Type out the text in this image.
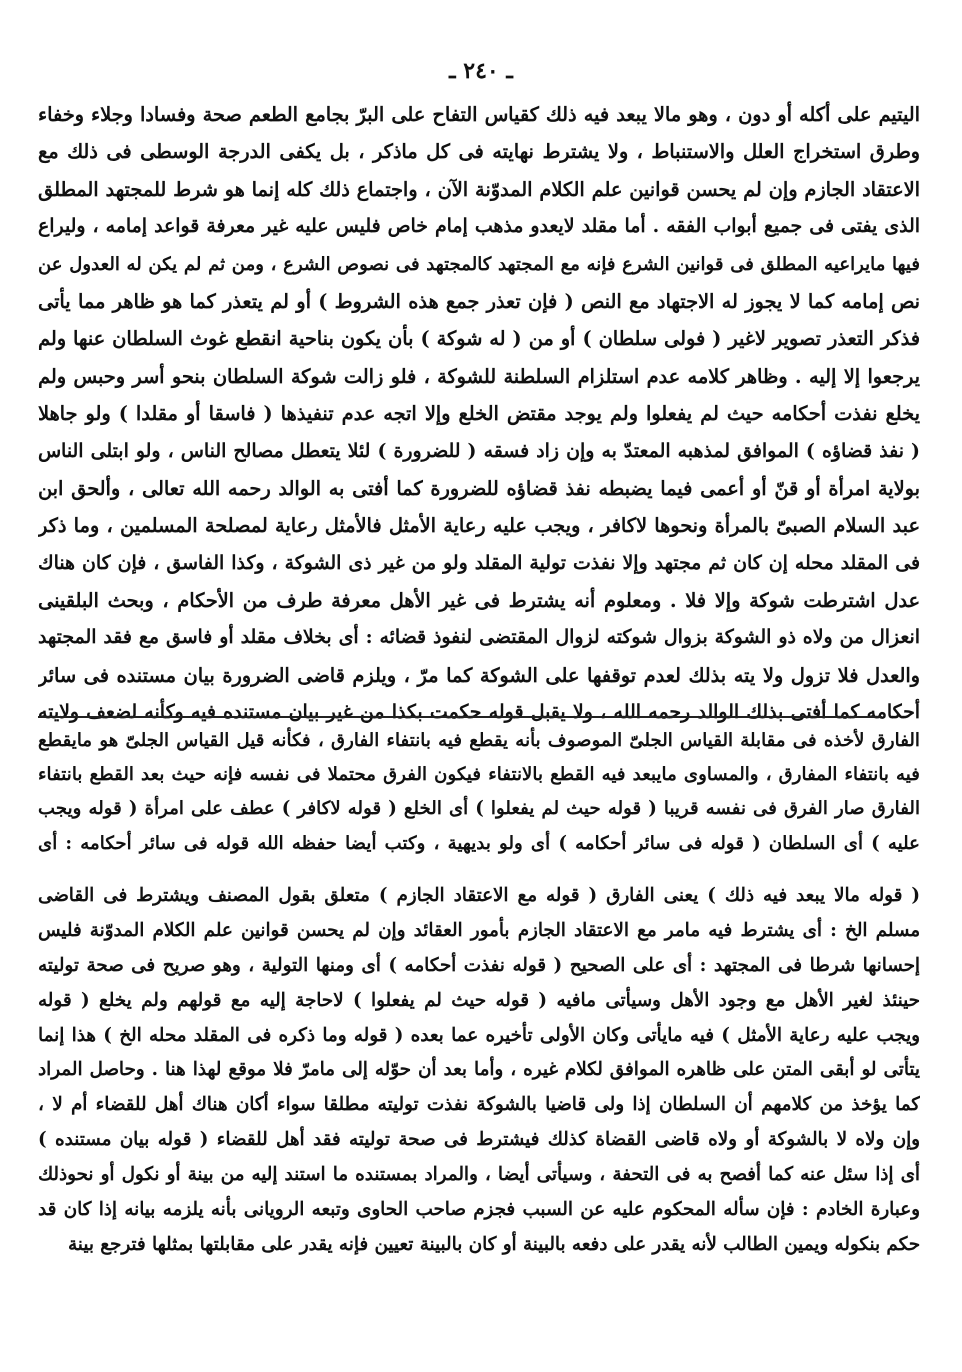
ـ ٢٤٠ ـ
اليتيم على أكله أو دون ، وهو مالا يبعد فيه ذلك كقياس التفاح على البرّ بجامع الطعم صحة وفسادا وجلاء وخفاء
وطرق استخراج العلل والاستنباط ، ولا يشترط نهايته فى كل ماذكر ، بل يكفى الدرجة الوسطى فى ذلك مع
الاعتقاد الجازم وإن لم يحسن قوانين علم الكلام المدوّنة الآن ، واجتماع ذلك كله إنما هو شرط للمجتهد المطلق
الذى يفتى فى جميع أبواب الفقه . أما مقلد لايعدو مذهب إمام خاص فليس عليه غير معرفة قواعد إمامه ، وليراع
فيها مايراعيه المطلق فى قوانين الشرع فإنه مع المجتهد كالمجتهد فى نصوص الشرع ، ومن ثم لم يكن له العدول عن
نص إمامه كما لا يجوز له الاجتهاد مع النص ( فإن تعذر جمع هذه الشروط ) أو لم يتعذر كما هو ظاهر مما يأتى
فذكر التعذر تصوير لاغير ( فولى سلطان ) أو من ( له شوكة ) بأن يكون بناحية انقطع غوث السلطان عنها ولم
يرجعوا إلا إليه . وظاهر كلامه عدم استلزام السلطنة للشوكة ، فلو زالت شوكة السلطان بنحو أسر وحبس ولم
يخلع نفذت أحكامه حيث لم يفعلوا ولم يوجد مقتض الخلع وإلا اتجه عدم تنفيذها ( فاسقا أو مقلدا ) ولو جاهلا
( نفذ قضاؤه ) الموافق لمذهبه المعتدّ به وإن زاد فسقه ( للضرورة ) لئلا يتعطل مصالح الناس ، ولو ابتلى الناس
بولاية امرأة أو قنّ أو أعمى فيما يضبطه نفذ قضاؤه للضرورة كما أفتى به الوالد رحمه الله تعالى ، وألحق ابن
عبد السلام الصبىّ بالمرأة ونحوها لاكافر ، ويجب عليه رعاية الأمثل فالأمثل رعاية لمصلحة المسلمين ، وما ذكر
فى المقلد محله إن كان ثم مجتهد وإلا نفذت تولية المقلد ولو من غير ذى الشوكة ، وكذا الفاسق ، فإن كان هناك
عدل اشترطت شوكة وإلا فلا . ومعلوم أنه يشترط فى غير الأهل معرفة طرف من الأحكام ، وبحث البلقينى
انعزال من ولاه ذو الشوكة بزوال شوكته لزوال المقتضى لنفوذ قضائه : أى بخلاف مقلد أو فاسق مع فقد المجتهد
والعدل فلا تزول ولا يته بذلك لعدم توقفها على الشوكة كما مرّ ، ويلزم قاضى الضرورة بيان مستنده فى سائر
أحكامه كما أفتى بذلك الوالد رحمه الله ، ولا يقبل قوله حكمت بكذا من غير بيان مستنده فيه وكأنه لضعف ولايته
الفارق لأخذه فى مقابلة القياس الجلىّ الموصوف بأنه يقطع فيه بانتفاء الفارق ، فكأنه قيل القياس الجلىّ هو مايقطع
فيه بانتفاء المفارق ، والمساوى مايبعد فيه القطع بالانتفاء فيكون الفرق محتملا فى نفسه فإنه حيث بعد القطع بانتفاء
الفارق صار الفرق فى نفسه قريبا ( قوله حيث لم يفعلوا ) أى الخلع ( قوله لاكافر ) عطف على امرأة ( قوله ويجب
عليه ) أى السلطان ( قوله فى سائر أحكامه ) أى ولو بديهية ، وكتب أيضا حفظه الله قوله فى سائر أحكامه : أى
( قوله مالا يبعد فيه ذلك ) يعنى الفارق ( قوله مع الاعتقاد الجازم ) متعلق بقول المصنف ويشترط فى القاضى
مسلم الخ : أى يشترط فيه مامر مع الاعتقاد الجازم بأمور العقائد وإن لم يحسن قوانين علم الكلام المدوّنة فليس
إحسانها شرطا فى المجتهد : أى على الصحيح ( قوله نفذت أحكامه ) أى ومنها التولية ، وهو صريح فى صحة توليته
حينئذ لغير الأهل مع وجود الأهل وسيأتى مافيه ( قوله حيث لم يفعلوا ) لاحاجة إليه مع قولهم ولم يخلع ( قوله
ويجب عليه رعاية الأمثل ) فيه مايأتى وكان الأولى تأخيره عما بعده ( قوله وما ذكره فى المقلد محله الخ ) هذا إنما
يتأتى لو أبقى المتن على ظاهره الموافق لكلام غيره ، وأما بعد أن حوّله إلى مامرّ فلا موقع لهذا هنا . وحاصل المراد
كما يؤخذ من كلامهم أن السلطان إذا ولى قاضيا بالشوكة نفذت توليته مطلقا سواء أكان هناك أهل للقضاء أم لا ،
وإن ولاه لا بالشوكة أو ولاه قاضى القضاة كذلك فيشترط فى صحة توليته فقد أهل للقضاء ( قوله بيان مستنده )
أى إذا سئل عنه كما أفصح به فى التحفة ، وسيأتى أيضا ، والمراد بمستنده ما استند إليه من بينة أو نكول أو نحوذلك
وعبارة الخادم : فإن سأله المحكوم عليه عن السبب فجزم صاحب الحاوى وتبعه الرويانى بأنه يلزمه بيانه إذا كان قد
حكم بنكوله ويمين الطالب لأنه يقدر على دفعه بالبينة أو كان بالبينة تعيين فإنه يقدر على مقابلتها بمثلها فترجع بينة
